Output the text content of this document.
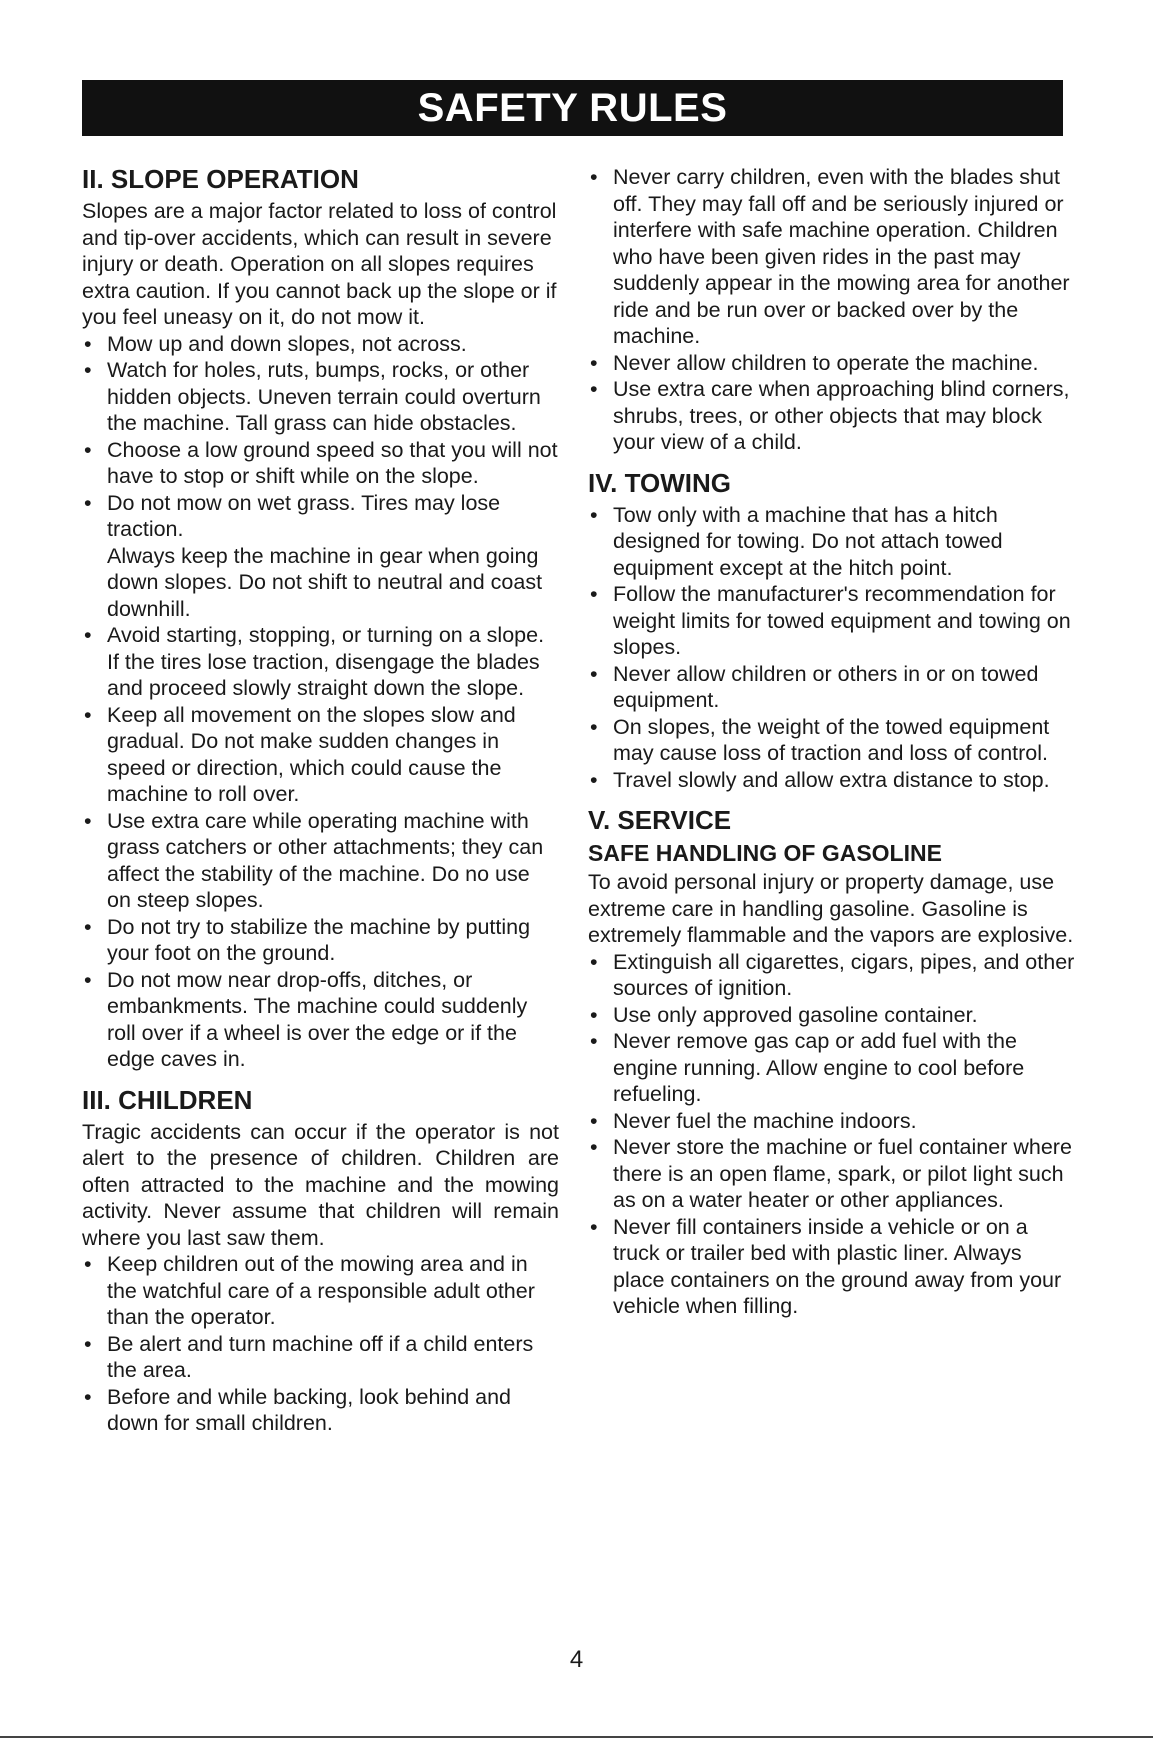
SAFETY RULES
II. SLOPE OPERATION

Slopes are a major factor related to loss of control and tip-over accidents, which can result in severe injury or death. Operation on all slopes requires extra caution. If you cannot back up the slope or if you feel uneasy on it, do not mow it.

• Mow up and down slopes, not across.
• Watch for holes, ruts, bumps, rocks, or other hidden objects. Uneven terrain could overturn the machine. Tall grass can hide obstacles.
• Choose a low ground speed so that you will not have to stop or shift while on the slope.
• Do not mow on wet grass. Tires may lose traction.
Always keep the machine in gear when going down slopes. Do not shift to neutral and coast downhill.
• Avoid starting, stopping, or turning on a slope. If the tires lose traction, disengage the blades and proceed slowly straight down the slope.
• Keep all movement on the slopes slow and gradual. Do not make sudden changes in speed or direction, which could cause the machine to roll over.
• Use extra care while operating machine with grass catchers or other attachments; they can affect the stability of the machine. Do no use on steep slopes.
• Do not try to stabilize the machine by putting your foot on the ground.
• Do not mow near drop-offs, ditches, or embankments. The machine could suddenly roll over if a wheel is over the edge or if the edge caves in.
III. CHILDREN

Tragic accidents can occur if the operator is not alert to the presence of children. Children are often attracted to the machine and the mowing activity. Never assume that children will remain where you last saw them.

• Keep children out of the mowing area and in the watchful care of a responsible adult other than the operator.
• Be alert and turn machine off if a child enters the area.
• Before and while backing, look behind and down for small children.
• Never carry children, even with the blades shut off. They may fall off and be seriously injured or interfere with safe machine operation. Children who have been given rides in the past may suddenly appear in the mowing area for another ride and be run over or backed over by the machine.
• Never allow children to operate the machine.
• Use extra care when approaching blind corners, shrubs, trees, or other objects that may block your view of a child.
IV. TOWING
• Tow only with a machine that has a hitch designed for towing. Do not attach towed equipment except at the hitch point.
• Follow the manufacturer's recommendation for weight limits for towed equipment and towing on slopes.
• Never allow children or others in or on towed equipment.
• On slopes, the weight of the towed equipment may cause loss of traction and loss of control.
• Travel slowly and allow extra distance to stop.
V. SERVICE
SAFE HANDLING OF GASOLINE

To avoid personal injury or property damage, use extreme care in handling gasoline. Gasoline is extremely flammable and the vapors are explosive.

• Extinguish all cigarettes, cigars, pipes, and other sources of ignition.
• Use only approved gasoline container.
• Never remove gas cap or add fuel with the engine running. Allow engine to cool before refueling.
• Never fuel the machine indoors.
• Never store the machine or fuel container where there is an open flame, spark, or pilot light such as on a water heater or other appliances.
• Never fill containers inside a vehicle or on a truck or trailer bed with plastic liner. Always place containers on the ground away from your vehicle when filling.
4
